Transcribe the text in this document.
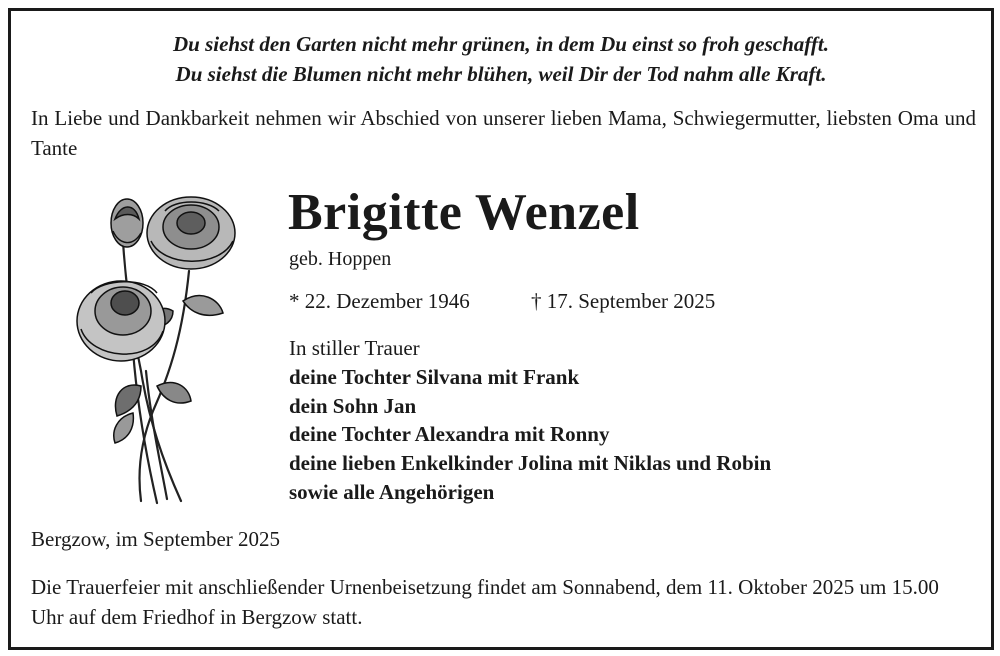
Du siehst den Garten nicht mehr grünen, in dem Du einst so froh geschafft.
Du siehst die Blumen nicht mehr blühen, weil Dir der Tod nahm alle Kraft.
In Liebe und Dankbarkeit nehmen wir Abschied von unserer lieben Mama, Schwiegermutter, liebsten Oma und Tante
Brigitte Wenzel
geb. Hoppen
* 22. Dezember 1946	† 17. September 2025
In stiller Trauer
deine Tochter Silvana mit Frank
dein Sohn Jan
deine Tochter Alexandra mit Ronny
deine lieben Enkelkinder Jolina mit Niklas und Robin
sowie alle Angehörigen
Bergzow, im September 2025
Die Trauerfeier mit anschließender Urnenbeisetzung findet am Sonnabend, dem 11. Oktober 2025 um 15.00 Uhr auf dem Friedhof in Bergzow statt.
